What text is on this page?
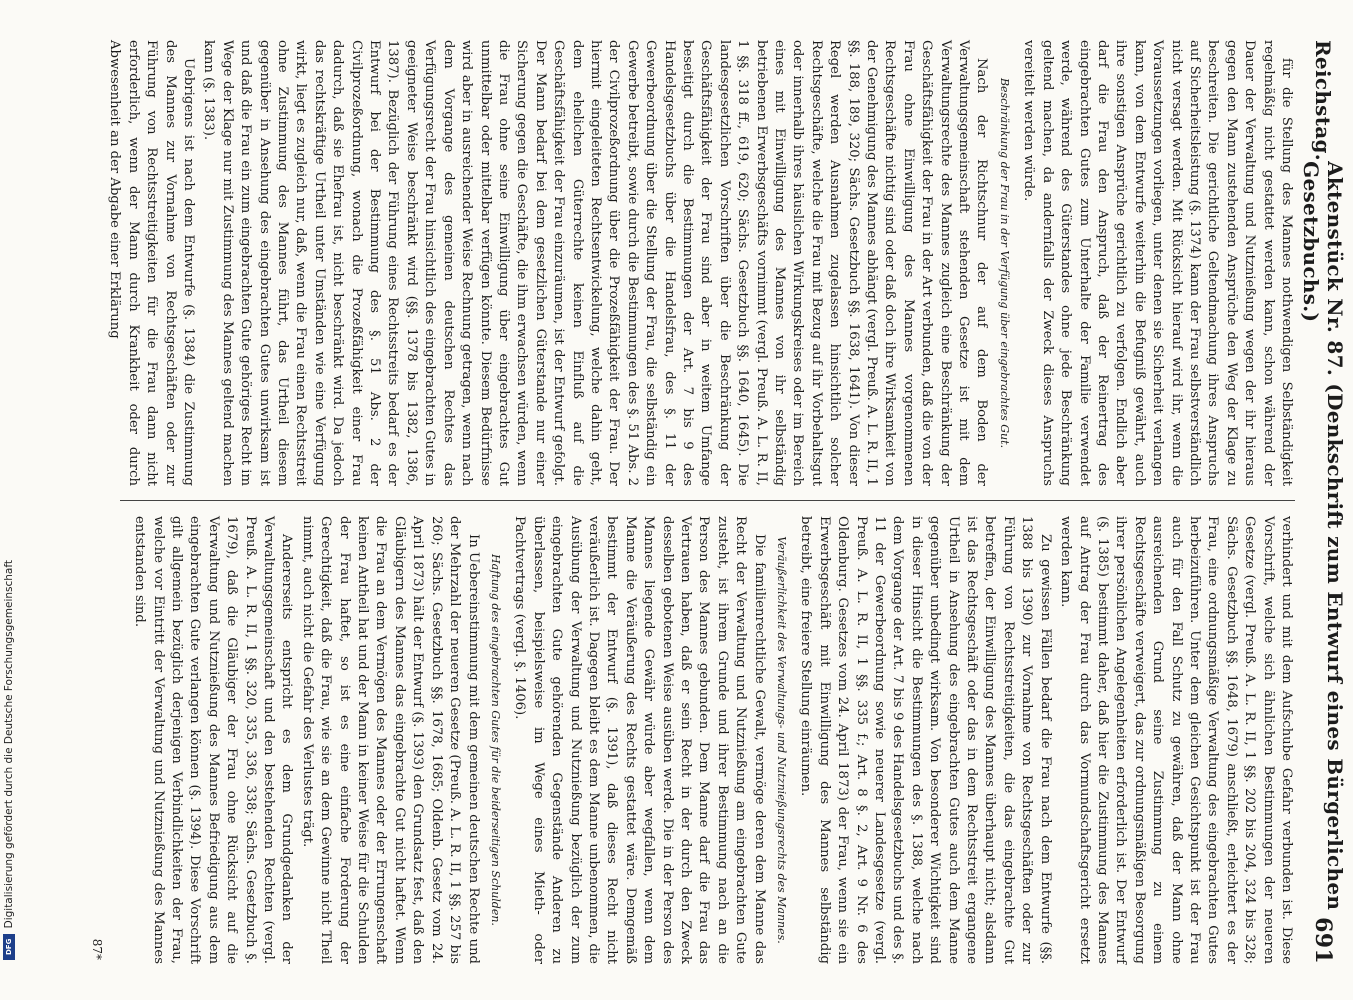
Reichstag.
Aktenstück Nr. 87. (Denkschrift zum Entwurf eines Bürgerlichen Gesetzbuchs.)
691

für die Stellung des Mannes nothwendigen Selbständigkeit regelmäßig nicht gestattet werden kann, schon während der Dauer der Verwaltung und Nutznießung wegen der ihr hieraus gegen den Mann zustehenden Ansprüche den Weg der Klage zu beschreiten. Die gerichtliche Geltendmachung ihres Anspruchs auf Sicherheitsleistung (§. 1374) kann der Frau selbstverständlich nicht versagt werden. Mit Rücksicht hierauf wird ihr, wenn die Voraussetzungen vorliegen, unter denen sie Sicherheit verlangen kann, von dem Entwurfe weiterhin die Befugniß gewährt, auch ihre sonstigen Ansprüche gerichtlich zu verfolgen. Endlich aber darf die Frau den Anspruch, daß der Reinertrag des eingebrachten Gutes zum Unterhalte der Familie verwendet werde, während des Güterstandes ohne jede Beschränkung geltend machen, da andernfalls der Zweck dieses Anspruchs vereitelt werden würde.

Beschränkung der Frau in der Verfügung über eingebrachtes Gut.

Nach der Richtschnur der auf dem Boden der Verwaltungsgemeinschaft stehenden Gesetze ist mit dem Verwaltungsrechte des Mannes zugleich eine Beschränkung der Geschäftsfähigkeit der Frau in der Art verbunden, daß die von der Frau ohne Einwilligung des Mannes vorgenommenen Rechtsgeschäfte nichtig sind oder daß doch ihre Wirksamkeit von der Genehmigung des Mannes abhängt (vergl. Preuß. A. L. R. II, 1 §§. 188, 189, 320; Sächs. Gesetzbuch §§. 1638, 1641). Von dieser Regel werden Ausnahmen zugelassen hinsichtlich solcher Rechtsgeschäfte, welche die Frau mit Bezug auf ihr Vorbehaltsgut oder innerhalb ihres häuslichen Wirkungskreises oder im Bereich eines mit Einwilligung des Mannes von ihr selbständig betriebenen Erwerbsgeschäfts vornimmt (vergl. Preuß. A. L. R. II, 1 §§. 318 ff., 619, 620; Sächs. Gesetzbuch §§. 1640, 1645). Die landesgesetzlichen Vorschriften über die Beschränkung der Geschäftsfähigkeit der Frau sind aber in weitem Umfange beseitigt durch die Bestimmungen der Art. 7 bis 9 des Handelsgesetzbuchs über die Handelsfrau, des §. 11 der Gewerbeordnung über die Stellung der Frau, die selbständig ein Gewerbe betreibt, sowie durch die Bestimmungen des §. 51 Abs. 2 der Civilprozeßordnung über die Prozeßfähigkeit der Frau. Der hiermit eingeleiteten Rechtsentwickelung, welche dahin geht, dem ehelichen Güterrechte keinen Einfluß auf die Geschäftsfähigkeit der Frau einzuräumen, ist der Entwurf gefolgt. Der Mann bedarf bei dem gesetzlichen Güterstande nur einer Sicherung gegen die Geschäfte, die ihm erwachsen würden, wenn die Frau ohne seine Einwilligung über eingebrachtes Gut unmittelbar oder mittelbar verfügen könnte. Diesem Bedürfnisse wird aber in ausreichender Weise Rechnung getragen, wenn nach dem Vorgange des gemeinen deutschen Rechtes das Verfügungsrecht der Frau hinsichtlich des eingebrachten Gutes in geeigneter Weise beschränkt wird (§§. 1378 bis 1382, 1386, 1387). Bezüglich der Führung eines Rechtsstreits bedarf es der Entwurf bei der Bestimmung des §. 51 Abs. 2 der Civilprozeßordnung, wonach die Prozeßfähigkeit einer Frau dadurch, daß sie Ehefrau ist, nicht beschränkt wird. Da jedoch das rechtskräftige Urtheil unter Umständen wie eine Verfügung wirkt, liegt es zugleich nur, daß, wenn die Frau einen Rechtsstreit ohne Zustimmung des Mannes führt, das Urtheil diesem gegenüber in Ansehung des eingebrachten Gutes unwirksam ist und daß die Frau ein zum eingebrachten Gute gehöriges Recht im Wege der Klage nur mit Zustimmung des Mannes geltend machen kann (§. 1383).

Uebrigens ist nach dem Entwurfe (§. 1384) die Zustimmung des Mannes zur Vornahme von Rechtsgeschäften oder zur Führung von Rechtsstreitigkeiten für die Frau dann nicht erforderlich, wenn der Mann durch Krankheit oder durch Abwesenheit an der Abgabe einer Erklärung

verhindert und mit dem Aufschube Gefahr verbunden ist. Diese Vorschrift, welche sich ähnlichen Bestimmungen der neueren Gesetze (vergl. Preuß. A. L. R. II, 1 §§. 202 bis 204, 324 bis 328; Sächs. Gesetzbuch §§. 1648, 1679) anschließt, erleichtert es der Frau, eine ordnungsmäßige Verwaltung des eingebrachten Gutes herbeizuführen. Unter dem gleichen Gesichtspunkt ist der Frau auch für den Fall Schutz zu gewähren, daß der Mann ohne ausreichenden Grund seine Zustimmung zu einem Rechtsgeschäfte verweigert, das zur ordnungsmäßigen Besorgung ihrer persönlichen Angelegenheiten erforderlich ist. Der Entwurf (§. 1385) bestimmt daher, daß hier die Zustimmung des Mannes auf Antrag der Frau durch das Vormundschaftsgericht ersetzt werden kann.

Zu gewissen Fällen bedarf die Frau nach dem Entwurfe (§§. 1388 bis 1390) zur Vornahme von Rechtsgeschäften oder zur Führung von Rechtsstreitigkeiten, die das eingebrachte Gut betreffen, der Einwilligung des Mannes überhaupt nicht; alsdann ist das Rechtsgeschäft oder das in dem Rechtsstreit ergangene Urtheil in Ansehung des eingebrachten Gutes auch dem Manne gegenüber unbedingt wirksam. Von besonderer Wichtigkeit sind in dieser Hinsicht die Bestimmungen des §. 1388, welche nach dem Vorgange der Art. 7 bis 9 des Handelsgesetzbuchs und des §. 11 der Gewerbeordnung sowie neuerer Landesgesetze (vergl. Preuß. A. L. R. II, 1 §§. 335 f.; Art. 8 §. 2, Art. 9 Nr. 6 des Oldenburg. Gesetzes vom 24. April 1873) der Frau, wenn sie ein Erwerbsgeschäft mit Einwilligung des Mannes selbständig betreibt, eine freiere Stellung einräumen.

Veräußerlichkeit des Verwaltungs- und Nutznießungsrechts des Mannes.

Die familienrechtliche Gewalt, vermöge deren dem Manne das Recht der Verwaltung und Nutznießung am eingebrachten Gute zusteht, ist ihrem Grunde und ihrer Bestimmung nach an die Person des Mannes gebunden. Dem Manne darf die Frau das Vertrauen haben, daß er sein Recht in der durch den Zweck desselben gebotenen Weise ausüben werde. Die in der Person des Mannes liegende Gewähr würde aber wegfallen, wenn dem Manne die Veräußerung des Rechts gestattet wäre. Demgemäß bestimmt der Entwurf (§. 1391), daß dieses Recht nicht veräußerlich ist. Dagegen bleibt es dem Manne unbenommen, die Ausübung der Verwaltung und Nutznießung bezüglich der zum eingebrachten Gute gehörenden Gegenstände Anderen zu überlassen, beispielsweise im Wege eines Mieth- oder Pachtvertrags (vergl. §. 1406).

Haftung des eingebrachten Gutes für die beiderseitigen Schulden.

In Uebereinstimmung mit dem gemeinen deutschen Rechte und der Mehrzahl der neueren Gesetze (Preuß. A. L. R. II, 1 §§. 257 bis 260; Sächs. Gesetzbuch §§. 1678, 1685; Oldenb. Gesetz vom 24. April 1873) hält der Entwurf (§. 1393) den Grundsatz fest, daß den Gläubigern des Mannes das eingebrachte Gut nicht haftet. Wenn die Frau an dem Vermögen des Mannes oder der Errungenschaft keinen Antheil hat und der Mann in keiner Weise für die Schulden der Frau haftet, so ist es eine einfache Forderung der Gerechtigkeit, daß die Frau, wie sie an dem Gewinne nicht Theil nimmt, auch nicht die Gefahr des Verlustes trägt.

Andererseits entspricht es dem Grundgedanken der Verwaltungsgemeinschaft und den bestehenden Rechten (vergl. Preuß. A. L. R. II, 1 §§. 320, 335, 336, 338; Sächs. Gesetzbuch §. 1679), daß die Gläubiger der Frau ohne Rücksicht auf die Verwaltung und Nutznießung des Mannes Befriedigung aus dem eingebrachten Gute verlangen können (§. 1394). Diese Vorschrift gilt allgemein bezüglich derjenigen Verbindlichkeiten der Frau, welche vor Eintritt der Verwaltung und Nutznießung des Mannes entstanden sind.

87*
Digitalisierung gefördert durch die Deutsche Forschungsgemeinschaft
DFG
